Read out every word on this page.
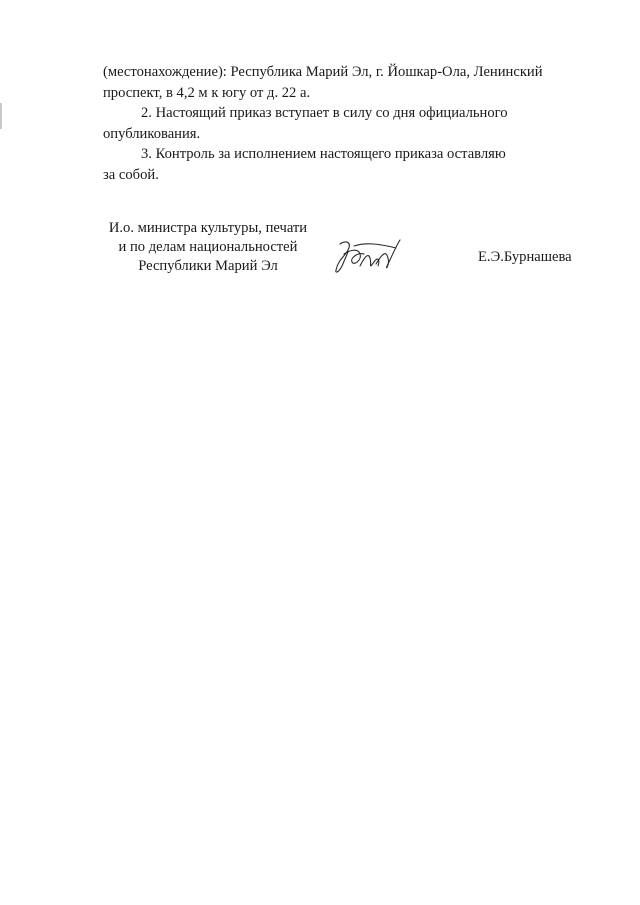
(местонахождение): Республика Марий Эл, г. Йошкар-Ола, Ленинский
проспект, в 4,2 м к югу от д. 22 а.

2. Настоящий приказ вступает в силу со дня официального
опубликования.

3. Контроль за исполнением настоящего приказа оставляю
за собой.

И.о. министра культуры, печати
и по делам национальностей
Республики Марий Эл
Е.Э.Бурнашева
